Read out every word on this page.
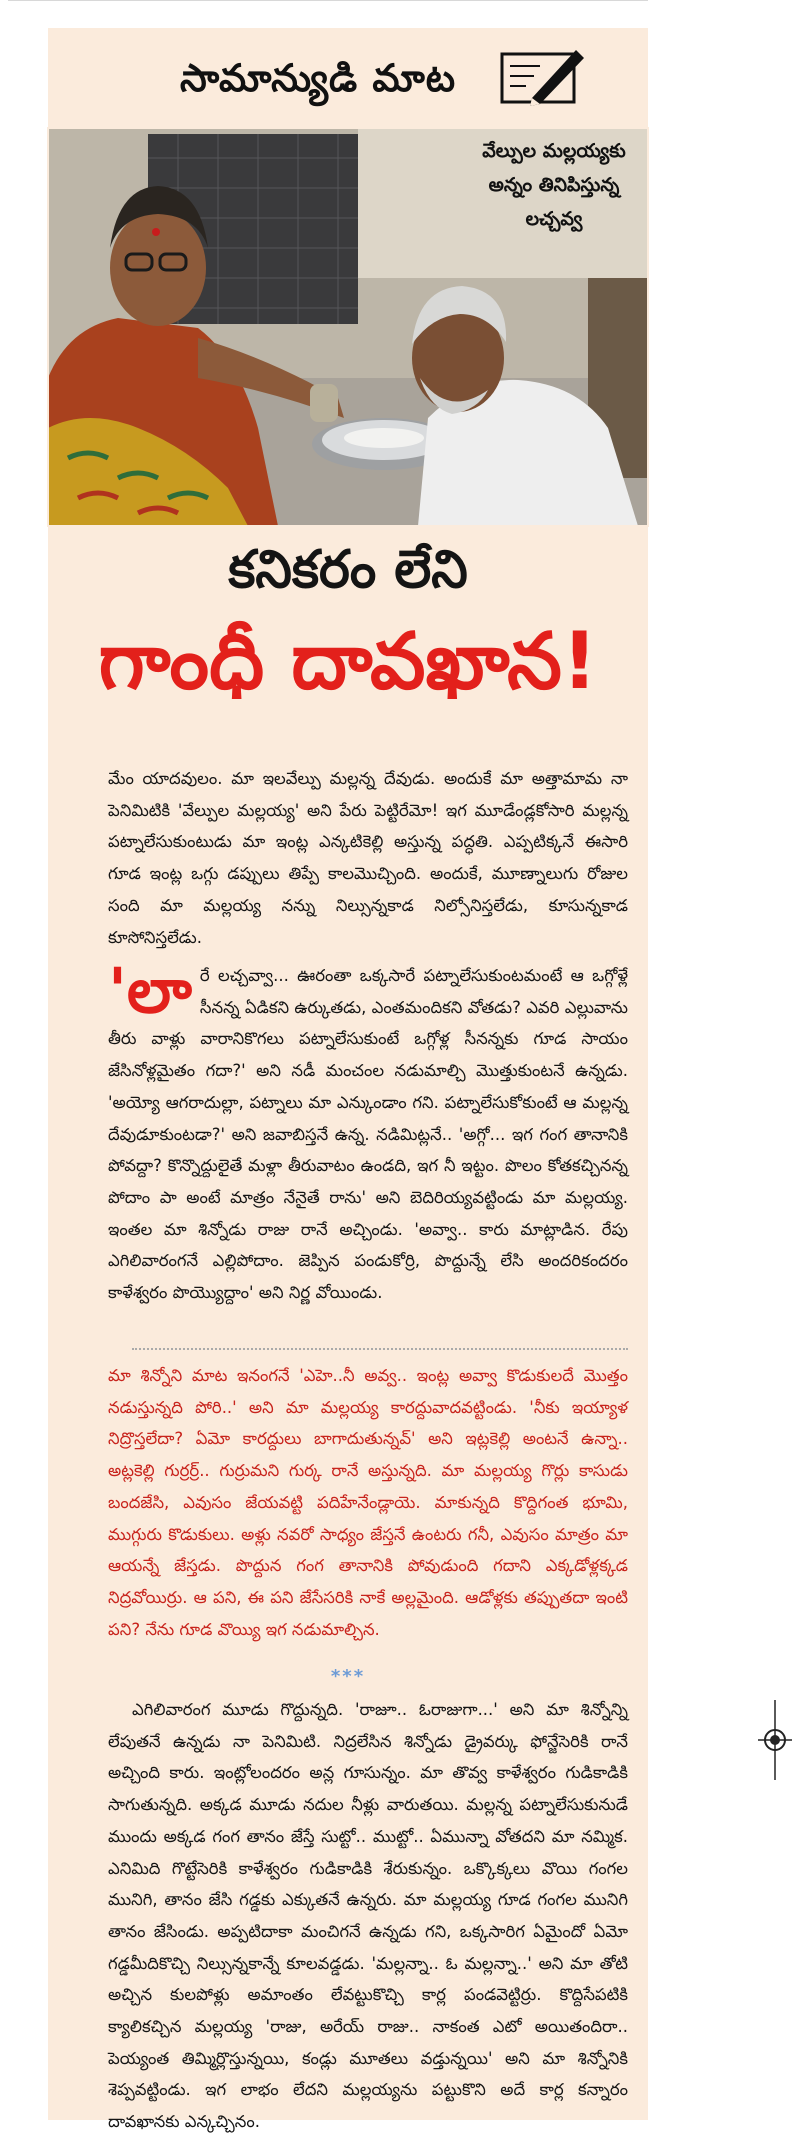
సామాన్యుడి మాట
వేల్పుల మల్లయ్యకు
అన్నం తినిపిస్తున్న
లచ్చవ్వ
కనికరం లేని
గాంధీ దావఖాన!

మేం యాదవులం. మా ఇలవేల్పు మల్లన్న దేవుడు. అందుకే మా అత్తామామ నా పెనిమిటికి 'వేల్పుల మల్లయ్య' అని పేరు పెట్టిరేమో! ఇగ మూడేండ్లకోసారి మల్లన్న పట్నాలేసుకుంటుడు మా ఇంట్ల ఎన్కటికెల్లి అస్తున్న పద్ధతి. ఎప్పటిక్కనే ఈసారి గూడ ఇంట్ల ఒగ్గు డప్పులు తిప్పే కాలమొచ్చింది. అందుకే, మూణ్నాలుగు రోజుల సంది మా మల్లయ్య నన్ను నిల్సున్నకాడ నిల్సోనిస్తలేడు, కూసున్నకాడ కూసోనిస్తలేడు.

'లారే లచ్చవ్వా... ఊరంతా ఒక్కసారే పట్నాలేసుకుంటమంటే ఆ ఒగ్గోళ్లే సీనన్న ఏడికని ఉర్కుతడు, ఎంతమందికని వోతడు? ఎవరి ఎల్లువాను తీరు వాళ్లు వారానికొగలు పట్నాలేసుకుంటే ఒగ్గోళ్ల సీనన్నకు గూడ సాయం జేసినోళ్లమైతం గదా?' అని నడీ మంచంల నడుమాల్చి మొత్తుకుంటనే ఉన్నడు. 'అయ్యో ఆగరాదుల్లా, పట్నాలు మా ఎన్కుండాం గని. పట్నాలేసుకోకుంటే ఆ మల్లన్న దేవుడూకుంటడా?' అని జవాబిస్తనే ఉన్న. నడిమిట్లనే.. 'అగ్గో... ఇగ గంగ తానానికి పోవద్దా? కొన్నొద్దులైతే మళ్లా తీరువాటం ఉండది, ఇగ నీ ఇట్టం. పొలం కోతకచ్చినన్న పోదాం పా అంటే మాత్రం నేనైతే రాను' అని బెదిరియ్యవట్టిండు మా మల్లయ్య. ఇంతల మా శిన్నోడు రాజు రానే అచ్చిండు. 'అవ్వా.. కారు మాట్లాడిన. రేపు ఎగిలివారంగనే ఎల్లిపోదాం. జెప్పిన పండుకోర్రి, పొద్దున్నే లేసి అందరికందరం కాళేశ్వరం పొయ్యొద్దాం' అని నిర్ణ వోయిండు.

మా శిన్నోని మాట ఇనంగనే 'ఎహె..నీ అవ్వ.. ఇంట్ల అవ్వా కొడుకులదే మొత్తం నడుస్తున్నది పోరి..' అని మా మల్లయ్య కారద్దువాదవట్టిండు. 'నీకు ఇయ్యాళ నిద్రొస్తలేదా? ఏమో కారద్దులు బాగాదుతున్నవ్' అని ఇట్లకెల్లి అంటనే ఉన్నా.. అట్లకెల్లి గుర్రర్ర్.. గుర్రుమని గుర్క రానే అస్తున్నది. మా మల్లయ్య గొర్లు కాసుడు బందజేసి, ఎవుసం జేయవట్టి పదిహేనేండ్లాయె. మాకున్నది కొద్దిగంత భూమి, ముగ్గురు కొడుకులు. అళ్లు నవరో సాధ్యం జేస్తనే ఉంటరు గనీ, ఎవుసం మాత్రం మా ఆయన్నే జేస్తడు. పొద్దున గంగ తానానికి పోవుడుంది గదాని ఎక్కడోళ్లక్కడ నిద్రవోయిర్రు. ఆ పని, ఈ పని జేసేసరికి నాకే అల్లమైంది. ఆడోళ్లకు తప్పుతదా ఇంటి పని? నేను గూడ వొయ్యి ఇగ నడుమాల్చిన.

***

ఎగిలివారంగ మూడు గొద్దున్నది. 'రాజూ.. ఓరాజుగా...' అని మా శిన్నోన్ని లేపుతనే ఉన్నడు నా పెనిమిటి. నిద్రలేసిన శిన్నోడు డ్రైవర్కు ఫోన్జేసెరికి రానే అచ్చింది కారు. ఇంట్లోలందరం అన్ల గూసున్నం. మా తొవ్వ కాళేశ్వరం గుడికాడికి సాగుతున్నది. అక్కడ మూడు నదుల నీళ్లు వారుతయి. మల్లన్న పట్నాలేసుకునుడే ముందు అక్కడ గంగ తానం జేస్తే సుట్టో.. ముట్టో.. ఏమున్నా వోతదని మా నమ్మిక. ఎనిమిది గొట్టేసెరికి కాళేశ్వరం గుడికాడికి శేరుకున్నం. ఒక్కొక్కలు వొయి గంగల మునిగి, తానం జేసి గడ్డకు ఎక్కుతనే ఉన్నరు. మా మల్లయ్య గూడ గంగల మునిగి తానం జేసిండు. అప్పటిదాకా మంచిగనే ఉన్నడు గని, ఒక్కసారిగ ఏమైందో ఏమో గడ్డమీదికొచ్చి నిల్సున్నకాన్నే కూలవడ్డడు. 'మల్లన్నా.. ఓ మల్లన్నా..' అని మా తోటి అచ్చిన కులపోళ్లు అమాంతం లేవట్టుకొచ్చి కార్ల పండవెట్టిర్రు. కొద్దిసేపటికి క్యాలికచ్చిన మల్లయ్య 'రాజు, అరేయ్ రాజు.. నాకంత ఎటో అయితందిరా.. పెయ్యంత తిమ్మిర్లొస్తున్నయి, కండ్లు మూతలు వడ్తున్నయి' అని మా శిన్నోనికి శెప్పవట్టిండు. ఇగ లాభం లేదని మల్లయ్యను పట్టుకొని అదే కార్ల కన్నారం దావఖానకు ఎన్కచ్చినం.
